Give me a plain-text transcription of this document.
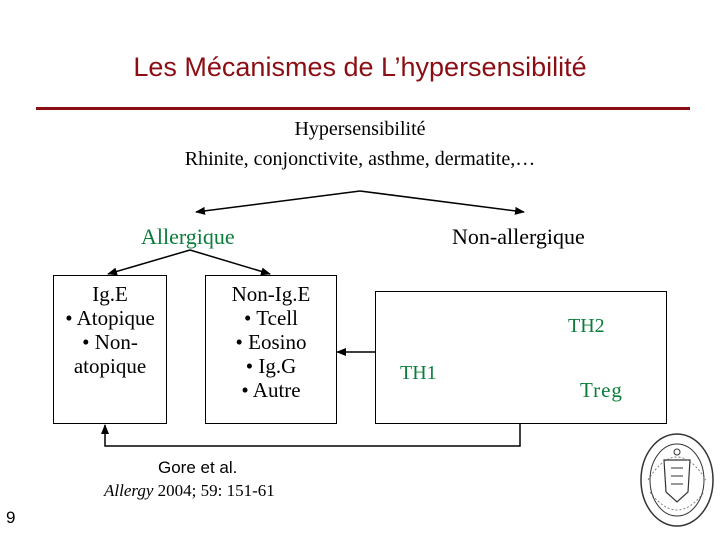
Les Mécanismes de L’hypersensibilité
Hypersensibilité
Rhinite, conjonctivite, asthme, dermatite,…
Allergique	Non-allergique
Ig.E
• Atopique
• Non-
atopique
Non-Ig.E
• Tcell
• Eosino
• Ig.G
• Autre
TH2
TH1
Treg
Gore et al.
Allergy 2004; 59: 151-61
9
